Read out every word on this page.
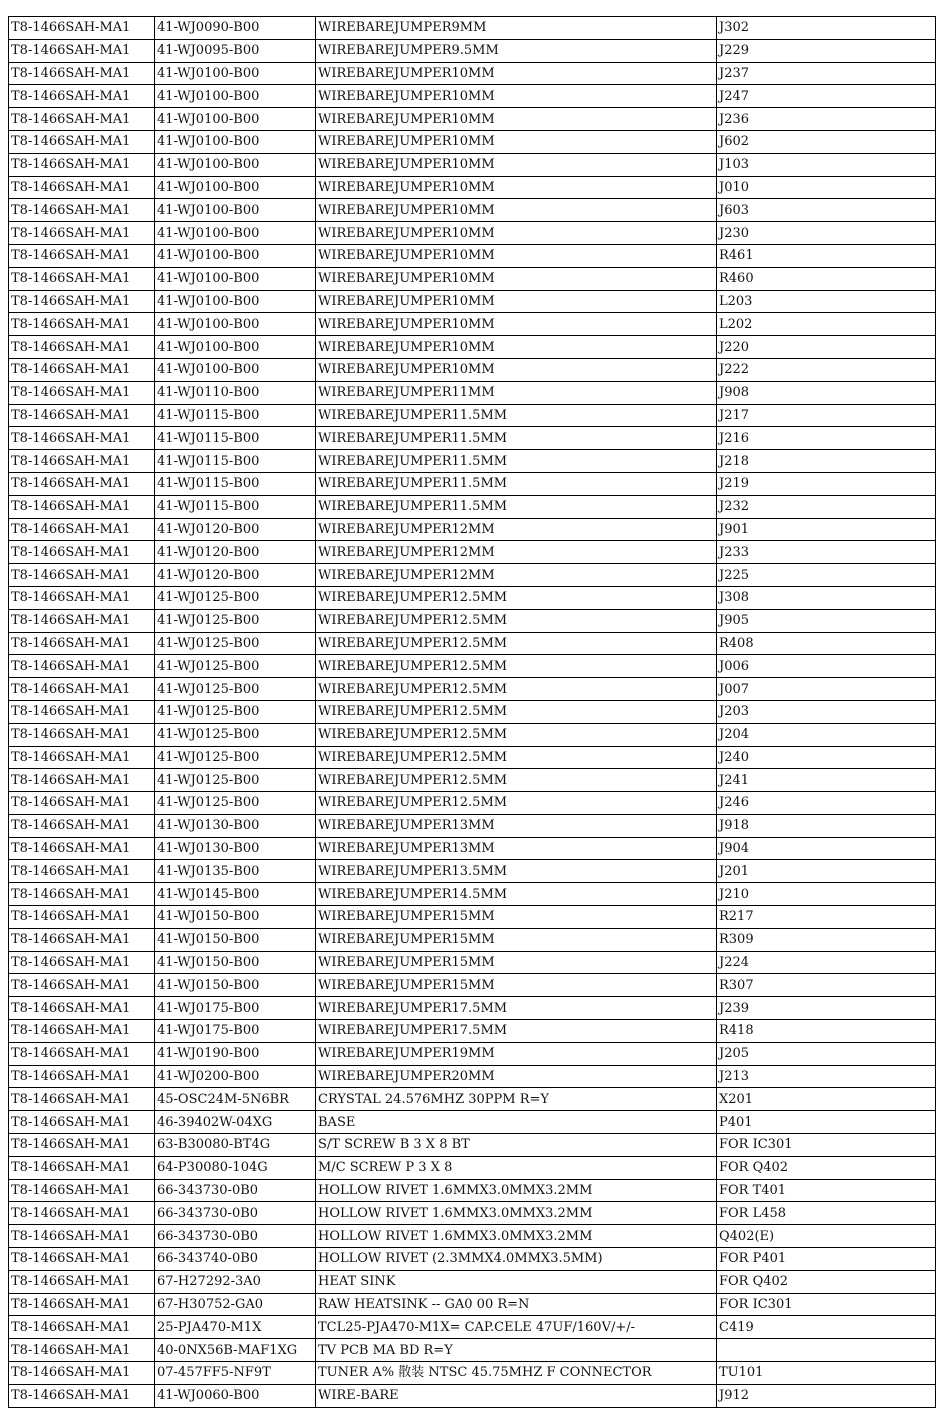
T8-1466SAH-MA1	41-WJ0090-B00	WIREBAREJUMPER9MM	J302
T8-1466SAH-MA1	41-WJ0095-B00	WIREBAREJUMPER9.5MM	J229
T8-1466SAH-MA1	41-WJ0100-B00	WIREBAREJUMPER10MM	J237
T8-1466SAH-MA1	41-WJ0100-B00	WIREBAREJUMPER10MM	J247
T8-1466SAH-MA1	41-WJ0100-B00	WIREBAREJUMPER10MM	J236
T8-1466SAH-MA1	41-WJ0100-B00	WIREBAREJUMPER10MM	J602
T8-1466SAH-MA1	41-WJ0100-B00	WIREBAREJUMPER10MM	J103
T8-1466SAH-MA1	41-WJ0100-B00	WIREBAREJUMPER10MM	J010
T8-1466SAH-MA1	41-WJ0100-B00	WIREBAREJUMPER10MM	J603
T8-1466SAH-MA1	41-WJ0100-B00	WIREBAREJUMPER10MM	J230
T8-1466SAH-MA1	41-WJ0100-B00	WIREBAREJUMPER10MM	R461
T8-1466SAH-MA1	41-WJ0100-B00	WIREBAREJUMPER10MM	R460
T8-1466SAH-MA1	41-WJ0100-B00	WIREBAREJUMPER10MM	L203
T8-1466SAH-MA1	41-WJ0100-B00	WIREBAREJUMPER10MM	L202
T8-1466SAH-MA1	41-WJ0100-B00	WIREBAREJUMPER10MM	J220
T8-1466SAH-MA1	41-WJ0100-B00	WIREBAREJUMPER10MM	J222
T8-1466SAH-MA1	41-WJ0110-B00	WIREBAREJUMPER11MM	J908
T8-1466SAH-MA1	41-WJ0115-B00	WIREBAREJUMPER11.5MM	J217
T8-1466SAH-MA1	41-WJ0115-B00	WIREBAREJUMPER11.5MM	J216
T8-1466SAH-MA1	41-WJ0115-B00	WIREBAREJUMPER11.5MM	J218
T8-1466SAH-MA1	41-WJ0115-B00	WIREBAREJUMPER11.5MM	J219
T8-1466SAH-MA1	41-WJ0115-B00	WIREBAREJUMPER11.5MM	J232
T8-1466SAH-MA1	41-WJ0120-B00	WIREBAREJUMPER12MM	J901
T8-1466SAH-MA1	41-WJ0120-B00	WIREBAREJUMPER12MM	J233
T8-1466SAH-MA1	41-WJ0120-B00	WIREBAREJUMPER12MM	J225
T8-1466SAH-MA1	41-WJ0125-B00	WIREBAREJUMPER12.5MM	J308
T8-1466SAH-MA1	41-WJ0125-B00	WIREBAREJUMPER12.5MM	J905
T8-1466SAH-MA1	41-WJ0125-B00	WIREBAREJUMPER12.5MM	R408
T8-1466SAH-MA1	41-WJ0125-B00	WIREBAREJUMPER12.5MM	J006
T8-1466SAH-MA1	41-WJ0125-B00	WIREBAREJUMPER12.5MM	J007
T8-1466SAH-MA1	41-WJ0125-B00	WIREBAREJUMPER12.5MM	J203
T8-1466SAH-MA1	41-WJ0125-B00	WIREBAREJUMPER12.5MM	J204
T8-1466SAH-MA1	41-WJ0125-B00	WIREBAREJUMPER12.5MM	J240
T8-1466SAH-MA1	41-WJ0125-B00	WIREBAREJUMPER12.5MM	J241
T8-1466SAH-MA1	41-WJ0125-B00	WIREBAREJUMPER12.5MM	J246
T8-1466SAH-MA1	41-WJ0130-B00	WIREBAREJUMPER13MM	J918
T8-1466SAH-MA1	41-WJ0130-B00	WIREBAREJUMPER13MM	J904
T8-1466SAH-MA1	41-WJ0135-B00	WIREBAREJUMPER13.5MM	J201
T8-1466SAH-MA1	41-WJ0145-B00	WIREBAREJUMPER14.5MM	J210
T8-1466SAH-MA1	41-WJ0150-B00	WIREBAREJUMPER15MM	R217
T8-1466SAH-MA1	41-WJ0150-B00	WIREBAREJUMPER15MM	R309
T8-1466SAH-MA1	41-WJ0150-B00	WIREBAREJUMPER15MM	J224
T8-1466SAH-MA1	41-WJ0150-B00	WIREBAREJUMPER15MM	R307
T8-1466SAH-MA1	41-WJ0175-B00	WIREBAREJUMPER17.5MM	J239
T8-1466SAH-MA1	41-WJ0175-B00	WIREBAREJUMPER17.5MM	R418
T8-1466SAH-MA1	41-WJ0190-B00	WIREBAREJUMPER19MM	J205
T8-1466SAH-MA1	41-WJ0200-B00	WIREBAREJUMPER20MM	J213
T8-1466SAH-MA1	45-OSC24M-5N6BR	CRYSTAL 24.576MHZ 30PPM R=Y	X201
T8-1466SAH-MA1	46-39402W-04XG	BASE	P401
T8-1466SAH-MA1	63-B30080-BT4G	S/T SCREW B 3 X 8 BT	FOR IC301
T8-1466SAH-MA1	64-P30080-104G	M/C SCREW P 3 X 8	FOR Q402
T8-1466SAH-MA1	66-343730-0B0	HOLLOW RIVET 1.6MMX3.0MMX3.2MM	FOR T401
T8-1466SAH-MA1	66-343730-0B0	HOLLOW RIVET 1.6MMX3.0MMX3.2MM	FOR L458
T8-1466SAH-MA1	66-343730-0B0	HOLLOW RIVET 1.6MMX3.0MMX3.2MM	Q402(E)
T8-1466SAH-MA1	66-343740-0B0	HOLLOW RIVET (2.3MMX4.0MMX3.5MM)	FOR P401
T8-1466SAH-MA1	67-H27292-3A0	HEAT SINK	FOR Q402
T8-1466SAH-MA1	67-H30752-GA0	RAW HEATSINK -- GA0 00 R=N	FOR IC301
T8-1466SAH-MA1	25-PJA470-M1X	TCL25-PJA470-M1X= CAP.CELE 47UF/160V/+/-	C419
T8-1466SAH-MA1	40-0NX56B-MAF1XG	TV PCB MA BD R=Y	
T8-1466SAH-MA1	07-457FF5-NF9T	TUNER A% 散装 NTSC 45.75MHZ F CONNECTOR	TU101
T8-1466SAH-MA1	41-WJ0060-B00	WIRE-BARE	J912
